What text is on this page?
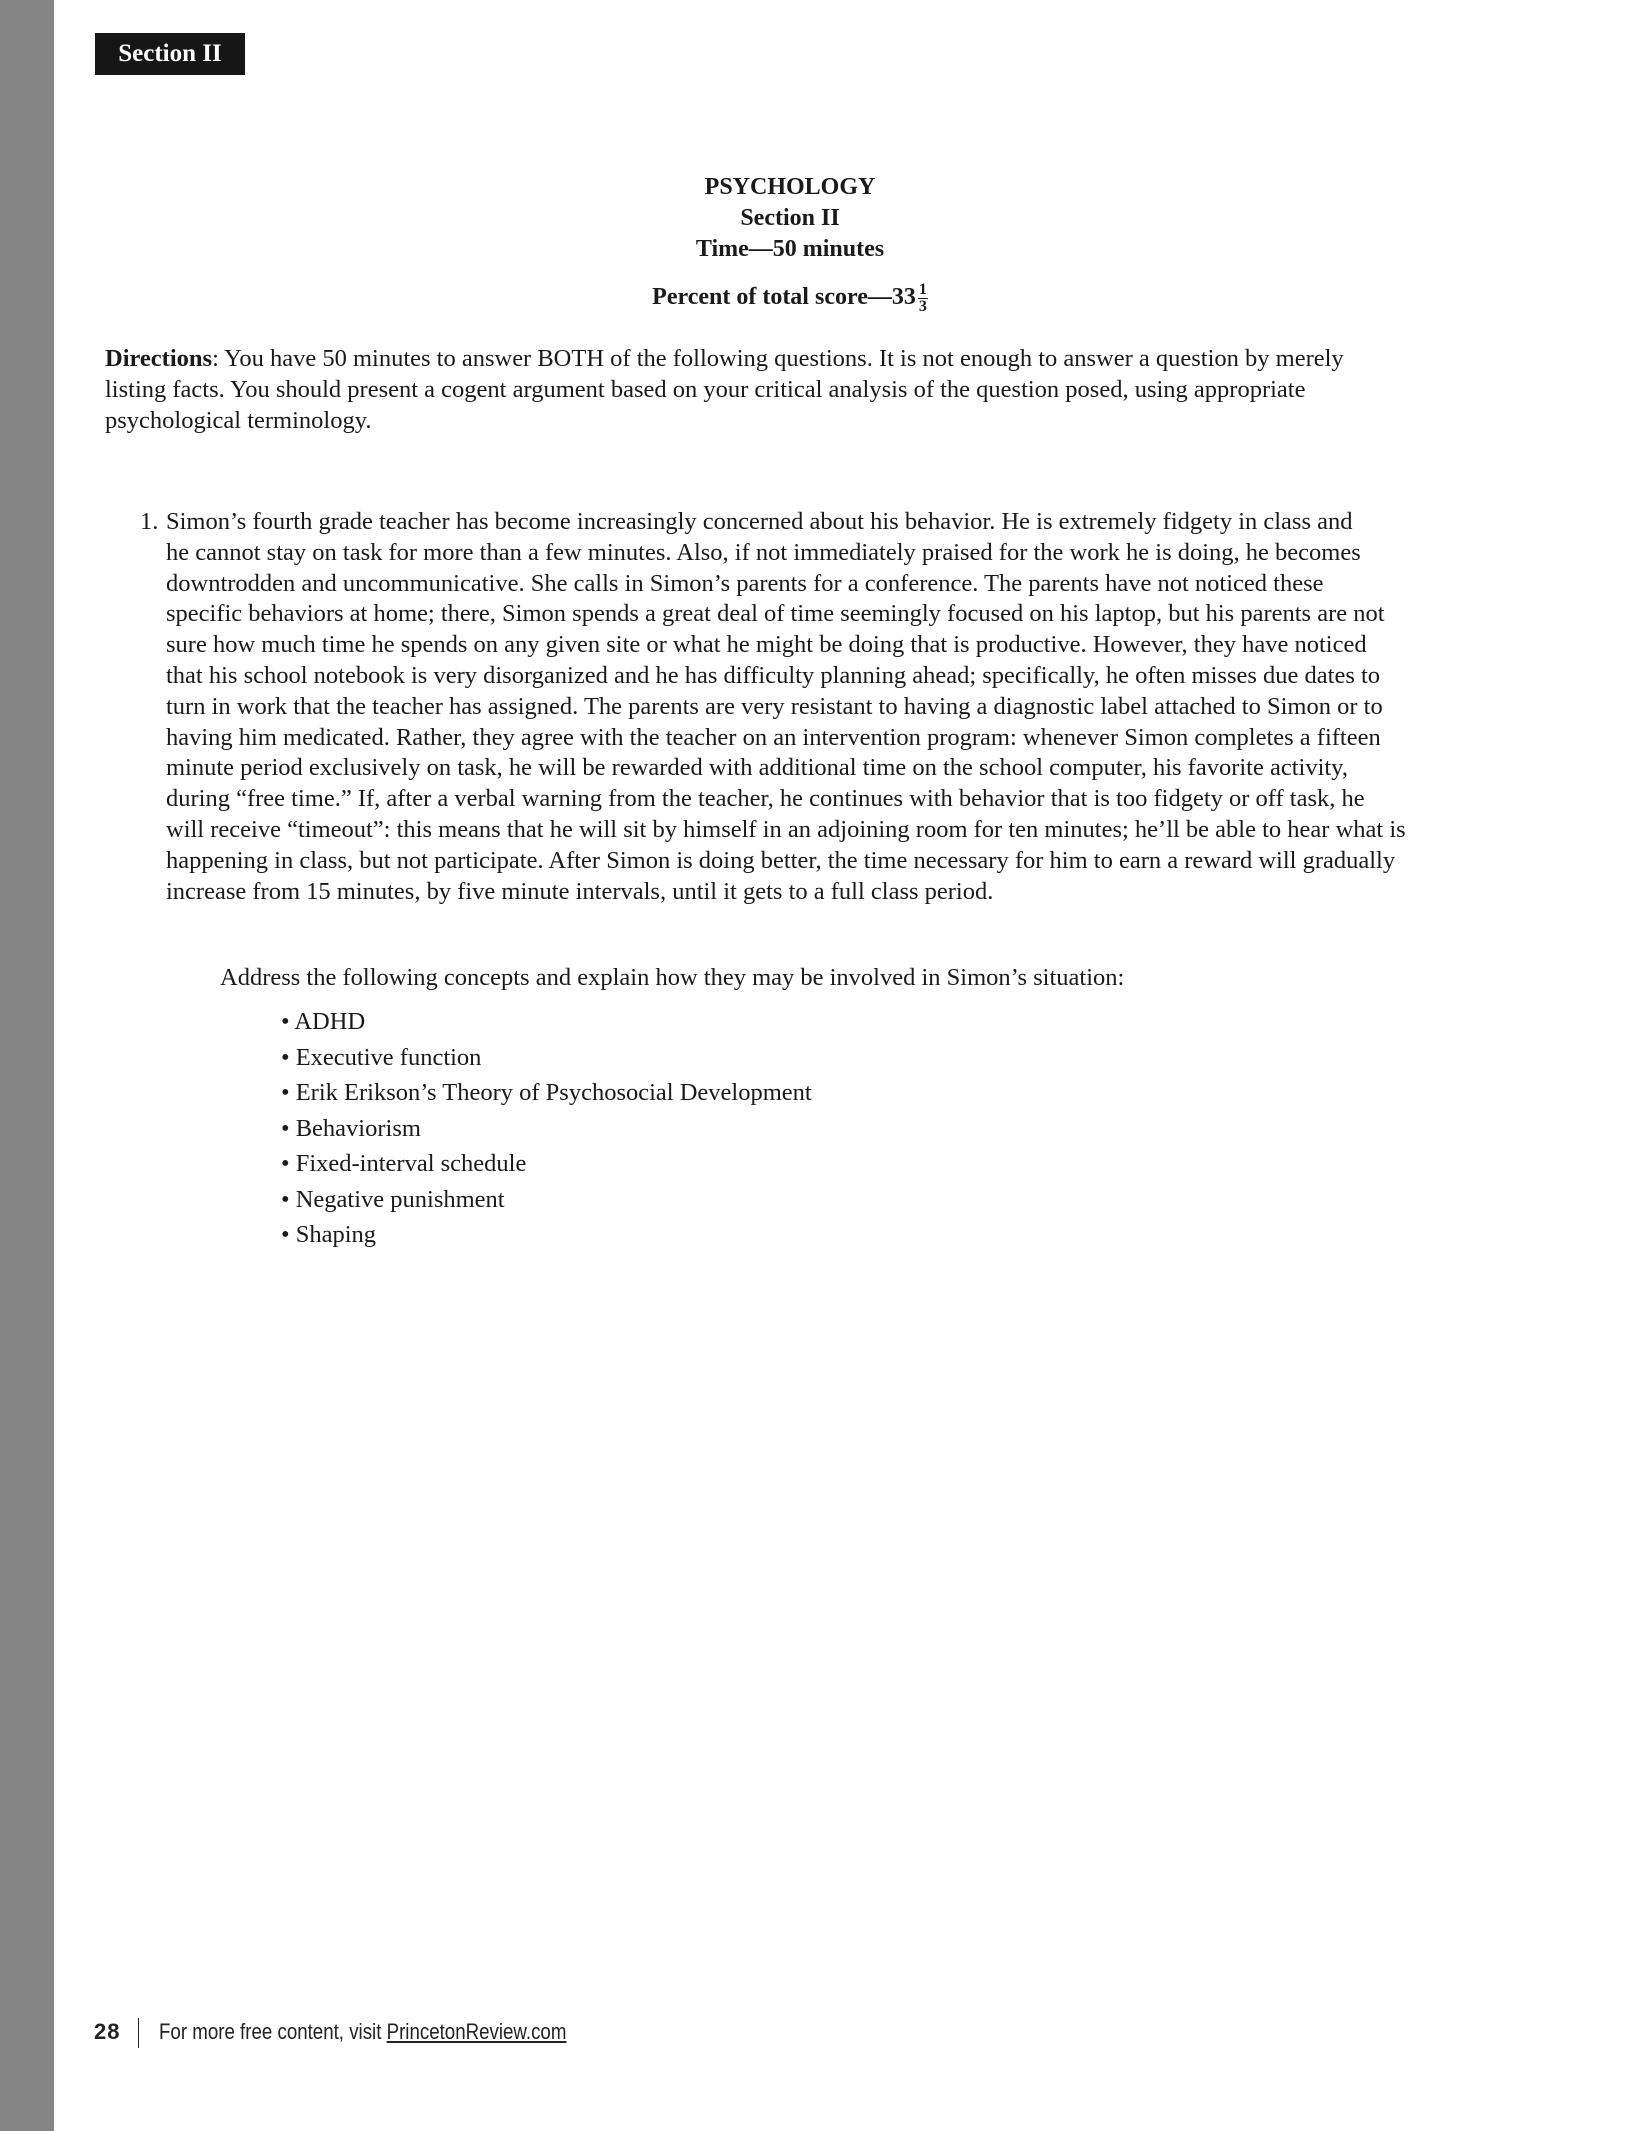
Section II
PSYCHOLOGY
Section II
Time—50 minutes
Percent of total score—33 $\frac{1}{3}$
Directions: You have 50 minutes to answer BOTH of the following questions. It is not enough to answer a question by merely
listing facts. You should present a cogent argument based on your critical analysis of the question posed, using appropriate
psychological terminology.
1. Simon’s fourth grade teacher has become increasingly concerned about his behavior. He is extremely fidgety in class and
he cannot stay on task for more than a few minutes. Also, if not immediately praised for the work he is doing, he becomes
downtrodden and uncommunicative. She calls in Simon’s parents for a conference. The parents have not noticed these
specific behaviors at home; there, Simon spends a great deal of time seemingly focused on his laptop, but his parents are not
sure how much time he spends on any given site or what he might be doing that is productive. However, they have noticed
that his school notebook is very disorganized and he has difficulty planning ahead; specifically, he often misses due dates to
turn in work that the teacher has assigned. The parents are very resistant to having a diagnostic label attached to Simon or to
having him medicated. Rather, they agree with the teacher on an intervention program: whenever Simon completes a fifteen
minute period exclusively on task, he will be rewarded with additional time on the school computer, his favorite activity,
during “free time.” If, after a verbal warning from the teacher, he continues with behavior that is too fidgety or off task, he
will receive “timeout”: this means that he will sit by himself in an adjoining room for ten minutes; he’ll be able to hear what is
happening in class, but not participate. After Simon is doing better, the time necessary for him to earn a reward will gradually
increase from 15 minutes, by five minute intervals, until it gets to a full class period.
Address the following concepts and explain how they may be involved in Simon’s situation:
• ADHD
• Executive function
• Erik Erikson’s Theory of Psychosocial Development
• Behaviorism
• Fixed-interval schedule
• Negative punishment
• Shaping
28 For more free content, visit PrincetonReview.com
